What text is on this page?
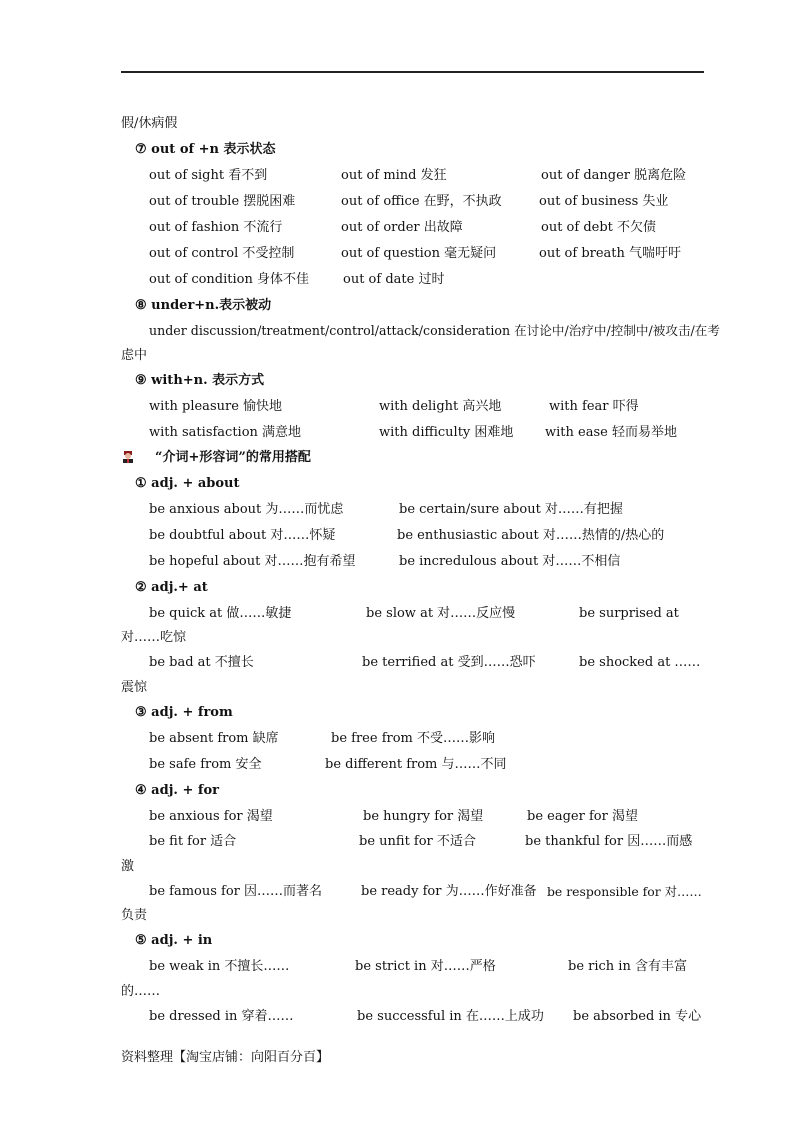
假/休病假
⑦ out of +n 表示状态
out of sight 看不到	out of mind 发狂	out of danger 脱离危险
out of trouble 摆脱困难	out of office 在野，不执政	out of business 失业
out of fashion 不流行	out of order 出故障	out of debt 不欠债
out of control 不受控制	out of question 毫无疑问	out of breath 气喘吁吁
out of condition 身体不佳	out of date 过时
⑧ under+n.表示被动
under discussion/treatment/control/attack/consideration 在讨论中/治疗中/控制中/被攻击/在考
虑中
⑨ with+n. 表示方式
with pleasure 愉快地	with delight 高兴地	with fear 吓得
with satisfaction 满意地	with difficulty 困难地 with ease 轻而易举地
“介词+形容词”的常用搭配
① adj. + about
be anxious about 为……而忧虑	be certain/sure about 对……有把握
be doubtful about 对……怀疑	be enthusiastic about 对……热情的/热心的
be hopeful about 对……抱有希望	be incredulous about 对……不相信
② adj.+ at
be quick at 做……敏捷	be slow at 对……反应慢	be surprised at
对……吃惊
be bad at 不擅长	be terrified at 受到……恐吓	be shocked at ……
震惊
③ adj. + from
be absent from 缺席	be free from 不受……影响
be safe from 安全	be different from 与……不同
④ adj. + for
be anxious for 渴望	be hungry for 渴望	be eager for 渴望
be fit for 适合	be unfit for 不适合	be thankful for 因……而感
激
be famous for 因……而著名	be ready for 为……作好准备 be responsible for 对……
负责
⑤ adj. + in
be weak in 不擅长……	be strict in 对……严格	be rich in 含有丰富
的……
be dressed in 穿着……	be successful in 在……上成功 be absorbed in 专心
资料整理【淘宝店铺：向阳百分百】
